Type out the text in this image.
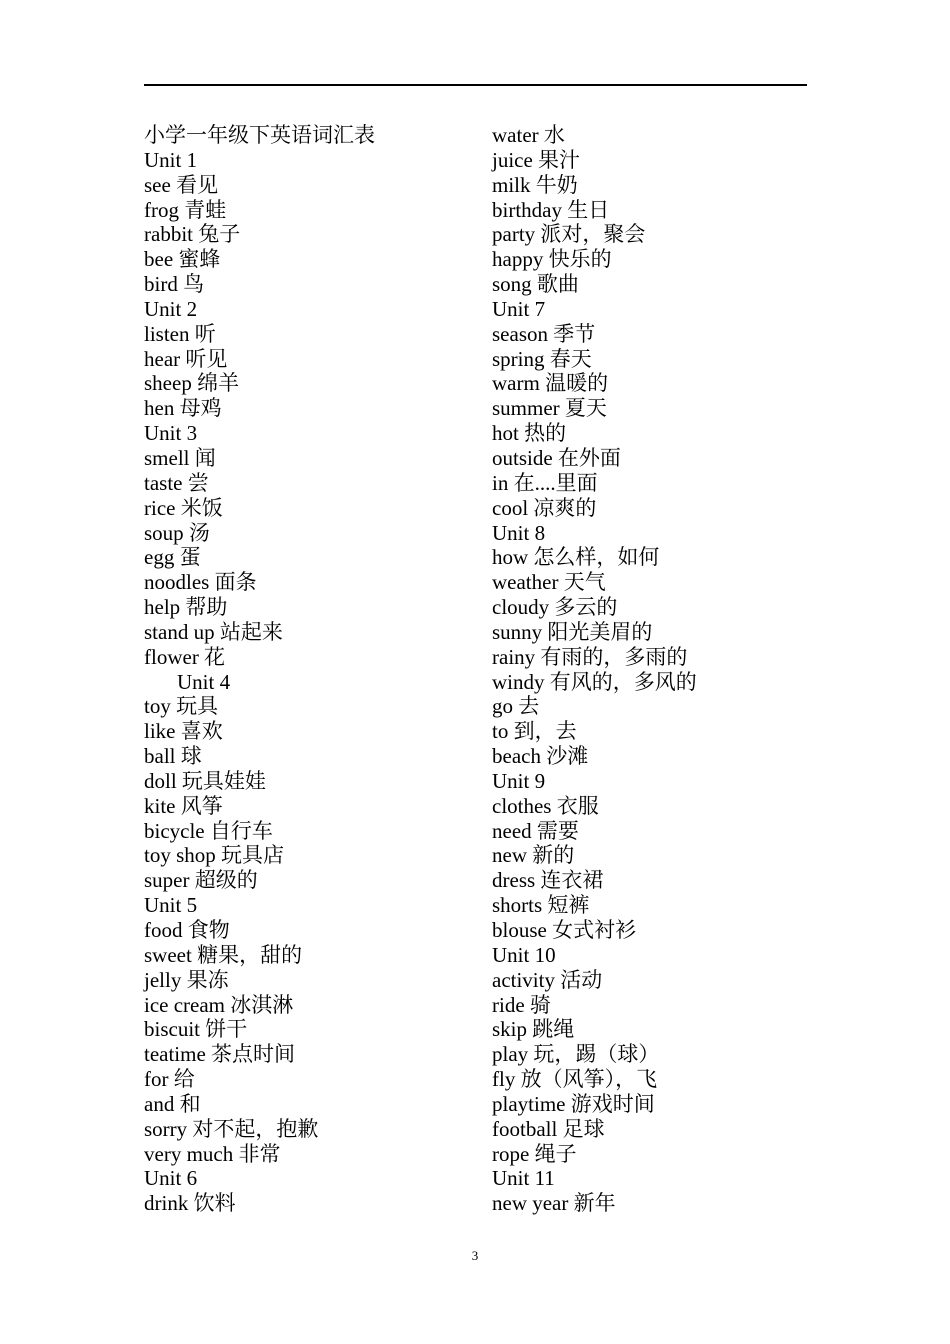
小学一年级下英语词汇表
Unit 1
see 看见
frog 青蛙
rabbit 兔子
bee 蜜蜂
bird 鸟
Unit 2
listen 听
hear 听见
sheep 绵羊
hen 母鸡
Unit 3
smell 闻
taste 尝
rice 米饭
soup 汤
egg 蛋
noodles 面条
help 帮助
stand up 站起来
flower 花
Unit 4
toy 玩具
like 喜欢
ball 球
doll 玩具娃娃
kite 风筝
bicycle 自行车
toy shop 玩具店
super 超级的
Unit 5
food 食物
sweet 糖果，甜的
jelly 果冻
ice cream 冰淇淋
biscuit 饼干
teatime 茶点时间
for 给
and 和
sorry 对不起，抱歉
very much 非常
Unit 6
drink 饮料
water 水
juice 果汁
milk 牛奶
birthday 生日
party 派对，聚会
happy 快乐的
song 歌曲
Unit 7
season 季节
spring 春天
warm 温暖的
summer 夏天
hot 热的
outside 在外面
in 在....里面
cool 凉爽的
Unit 8
how 怎么样，如何
weather 天气
cloudy 多云的
sunny 阳光美眉的
rainy 有雨的，多雨的
windy 有风的，多风的
go 去
to 到，去
beach 沙滩
Unit 9
clothes 衣服
need 需要
new 新的
dress 连衣裙
shorts 短裤
blouse 女式衬衫
Unit 10
activity 活动
ride 骑
skip 跳绳
play 玩，踢（球）
fly 放（风筝），飞
playtime 游戏时间
football 足球
rope 绳子
Unit 11
new year 新年
3
